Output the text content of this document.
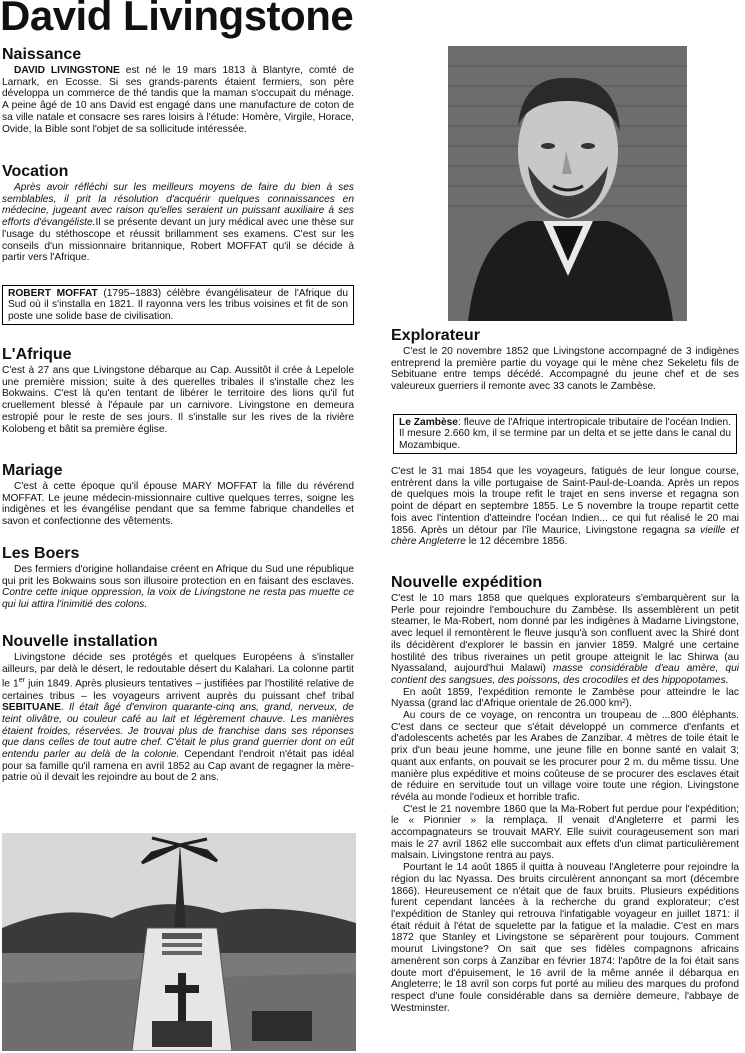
David Livingstone
Naissance

DAVID LIVINGSTONE est né le 19 mars 1813 à Blantyre, comté de Larnark, en Ecosse. Si ses grands-parents étaient fermiers, son père développa un commerce de thé tandis que la maman s'occupait du ménage. A peine âgé de 10 ans David est engagé dans une manufacture de coton de sa ville natale et consacre ses rares loisirs à l'étude: Homère, Virgile, Horace, Ovide, la Bible sont l'objet de sa sollicitude intéressée.

Vocation

Après avoir réfléchi sur les meilleurs moyens de faire du bien à ses semblables, il prit la résolution d'acquérir quelques connaissances en médecine, jugeant avec raison qu'elles seraient un puissant auxiliaire à ses efforts d'évangéliste.Il se présente devant un jury médical avec une thèse sur l'usage du stéthoscope et réussit brillamment ses examens. C'est sur les conseils d'un missionnaire britannique, Robert MOFFAT qu'il se décide à partir vers l'Afrique.

ROBERT MOFFAT (1795–1883) célèbre évangélisateur de l'Afrique du Sud où il s'installa en 1821. Il rayonna vers les tribus voisines et fit de son poste une solide base de civilisation.

L'Afrique

C'est à 27 ans que Livingstone débarque au Cap. Aussitôt il crée à Lepelole une première mission; suite à des querelles tribales il s'installe chez les Bokwains. C'est là qu'en tentant de libérer le territoire des lions qu'il fut cruellement blessé à l'épaule par un carnivore. Livingstone en demeura estropié pour le reste de ses jours. Il s'installe sur les rives de la rivière Kolobeng et bâtit sa première église.

Mariage

C'est à cette époque qu'il épouse MARY MOFFAT la fille du révérend MOFFAT. Le jeune médecin-missionnaire cultive quelques terres, soigne les indigènes et les évangélise pendant que sa femme fabrique chandelles et savon et confectionne des vêtements.

Les Boers

Des fermiers d'origine hollandaise créent en Afrique du Sud une république qui prit les Bokwains sous son illusoire protection en en faisant des esclaves. Contre cette inique oppression, la voix de Livingstone ne resta pas muette ce qui lui attira l'inimitié des colons.

Nouvelle installation

Livingstone décide ses protégés et quelques Européens à s'installer ailleurs, par delà le désert, le redoutable désert du Kalahari. La colonne partit le 1er juin 1849. Après plusieurs tentatives – justifiées par l'hostilité relative de certaines tribus – les voyageurs arrivent auprès du puissant chef tribal SEBITUANE. Il était âgé d'environ quarante-cinq ans, grand, nerveux, de teint olivâtre, ou couleur café au lait et légèrement chauve. Les manières étaient froides, réservées. Je trouvai plus de franchise dans ses réponses que dans celles de tout autre chef. C'était le plus grand guerrier dont on eût entendu parler au delà de la colonie. Cependant l'endroit n'était pas idéal pour sa famille qu'il ramena en avril 1852 au Cap avant de regagner la mère-patrie où il devait les rejoindre au bout de 2 ans.

Explorateur

C'est le 20 novembre 1852 que Livingstone accompagné de 3 indigènes entreprend la première partie du voyage qui le mène chez Sekeletu fils de Sebituane entre temps décédé. Accompagné du jeune chef et de ses valeureux guerriers il remonte avec 33 canots le Zambèse.

Le Zambèse: fleuve de l'Afrique intertropicale tributaire de l'océan Indien. Il mesure 2.660 km, il se termine par un delta et se jette dans le canal du Mozambique.

C'est le 31 mai 1854 que les voyageurs, fatigués de leur longue course, entrèrent dans la ville portugaise de Saint-Paul-de-Loanda. Après un repos de quelques mois la troupe refit le trajet en sens inverse et regagna son point de départ en septembre 1855. Le 5 novembre la troupe repartit cette fois avec l'intention d'atteindre l'océan Indien... ce qui fut réalisé le 20 mai 1856. Après un détour par l'île Maurice, Livingstone regagna sa vieille et chère Angleterre le 12 décembre 1856.

Nouvelle expédition

C'est le 10 mars 1858 que quelques explorateurs s'embarquèrent sur la Perle pour rejoindre l'embouchure du Zambèse. Ils assemblèrent un petit steamer, le Ma-Robert, nom donné par les indigènes à Madame Livingstone, avec lequel il remontèrent le fleuve jusqu'à son confluent avec la Shiré dont ils décidèrent d'explorer le bassin en janvier 1859. Malgré une certaine hostilité des tribus riveraines un petit groupe atteignit le lac Shirwa (au Nyassaland, aujourd'hui Malawi) masse considérable d'eau amère, qui contient des sangsues, des poissons, des crocodiles et des hippopotames.

En août 1859, l'expédition remonte le Zambèse pour atteindre le lac Nyassa (grand lac d'Afrique orientale de 26.000 km²).

Au cours de ce voyage, on rencontra un troupeau de ...800 éléphants. C'est dans ce secteur que s'était développé un commerce d'enfants et d'adolescents achetés par les Arabes de Zanzibar. 4 mètres de toile était le prix d'un beau jeune homme, une jeune fille en bonne santé en valait 3; quant aux enfants, on pouvait se les procurer pour 2 m. du même tissu. Une manière plus expéditive et moins coûteuse de se procurer des esclaves était de réduire en servitude tout un village voire toute une région. Livingstone révéla au monde l'odieux et horrible trafic.

C'est le 21 novembre 1860 que la Ma-Robert fut perdue pour l'expédition; le « Pionnier » la remplaça. Il venait d'Angleterre et parmi les accompagnateurs se trouvait MARY. Elle suivit courageusement son mari mais le 27 avril 1862 elle succombait aux effets d'un climat particulièrement malsain. Livingstone rentra au pays.

Pourtant le 14 août 1865 il quitta à nouveau l'Angleterre pour rejoindre la région du lac Nyassa. Des bruits circulèrent annonçant sa mort (décembre 1866). Heureusement ce n'était que de faux bruits. Plusieurs expéditions furent cependant lancées à la recherche du grand explorateur; c'est l'expédition de Stanley qui retrouva l'infatigable voyageur en juillet 1871: il était réduit à l'état de squelette par la fatigue et la maladie. C'est en mars 1872 que Stanley et Livingstone se séparèrent pour toujours. Comment mourut Livingstone? On sait que ses fidèles compagnons africains amenèrent son corps à Zanzibar en février 1874: l'apôtre de la foi était sans doute mort d'épuisement, le 16 avril de la même année il débarqua en Angleterre; le 18 avril son corps fut porté au milieu des marques du profond respect d'une foule considérable dans sa dernière demeure, l'abbaye de Westminster.
